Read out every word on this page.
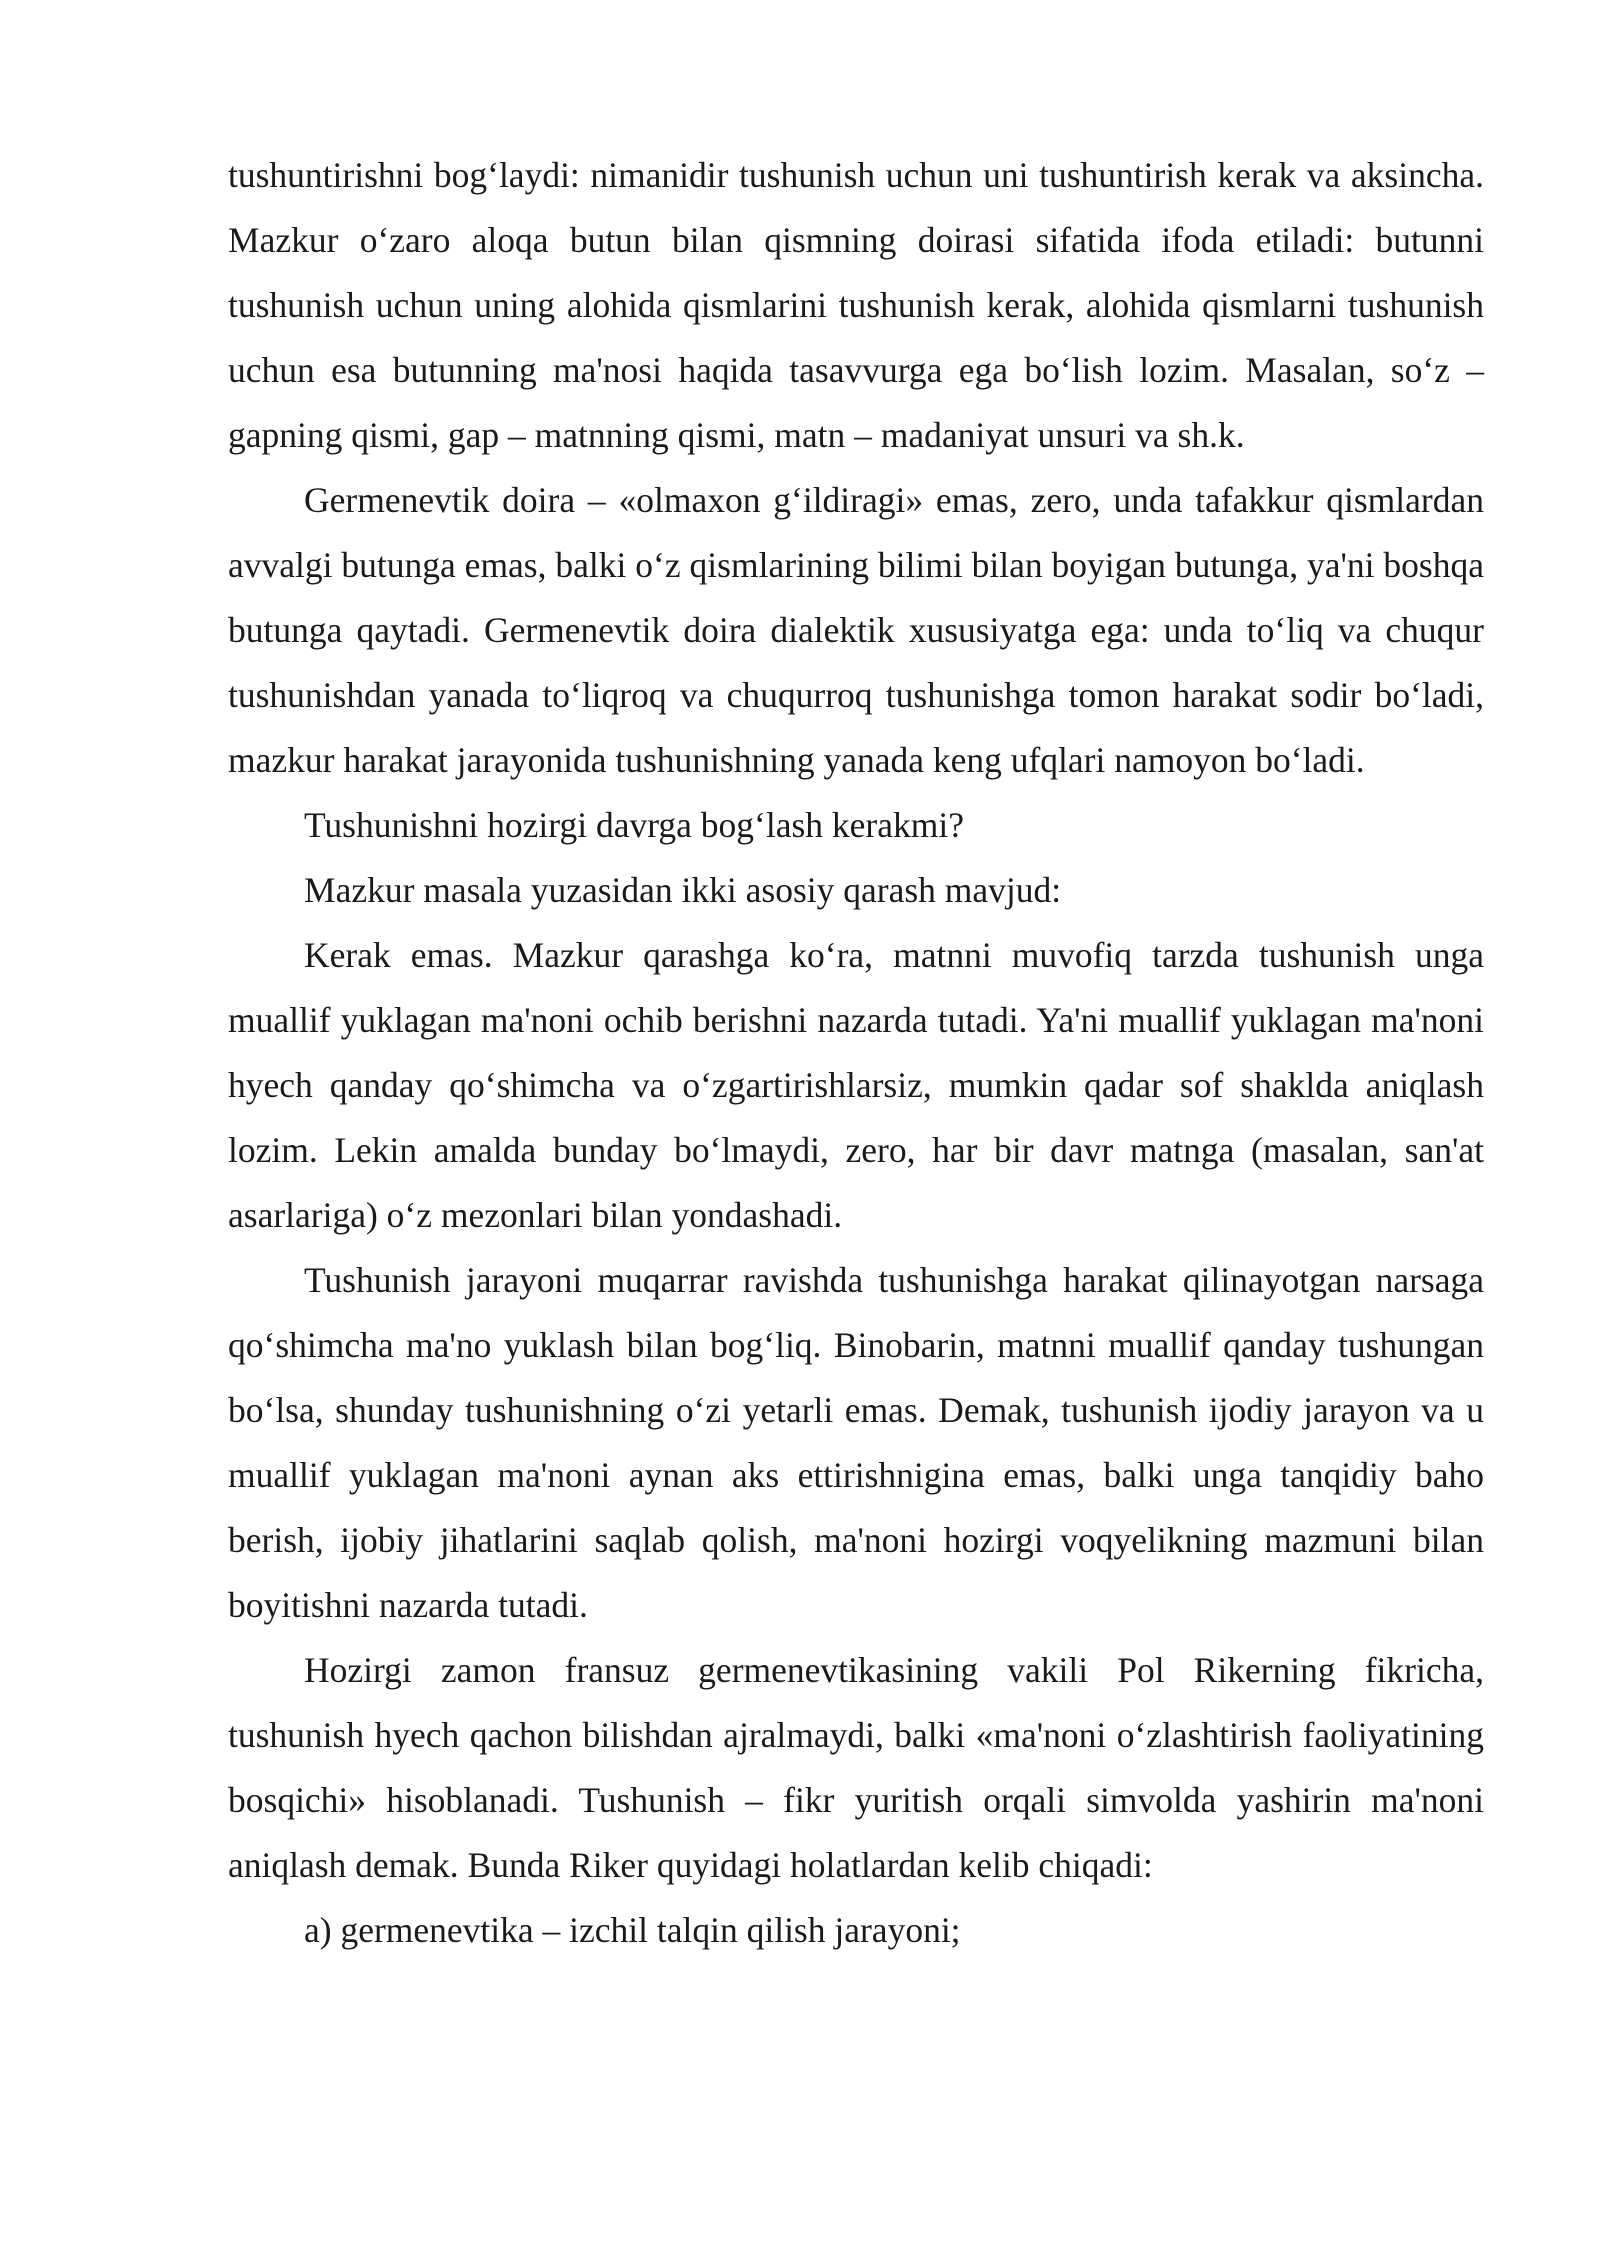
tushuntirishni bog‘laydi: nimanidir tushunish uchun uni tushuntirish kerak va aksincha. Mazkur o‘zaro aloqa butun bilan qismning doirasi sifatida ifoda etiladi: butunni tushunish uchun uning alohida qismlarini tushunish kerak, alohida qismlarni tushunish uchun esa butunning ma'nosi haqida tasavvurga ega bo‘lish lozim. Masalan, so‘z – gapning qismi, gap – matnning qismi, matn – madaniyat unsuri va sh.k.

Germenevtik doira – «olmaxon g‘ildiragi» emas, zero, unda tafakkur qismlardan avvalgi butunga emas, balki o‘z qismlarining bilimi bilan boyigan butunga, ya'ni boshqa butunga qaytadi. Germenevtik doira dialektik xususiyatga ega: unda to‘liq va chuqur tushunishdan yanada to‘liqroq va chuqurroq tushunishga tomon harakat sodir bo‘ladi, mazkur harakat jarayonida tushunishning yanada keng ufqlari namoyon bo‘ladi.

Tushunishni hozirgi davrga bog‘lash kerakmi?

Mazkur masala yuzasidan ikki asosiy qarash mavjud:

Kerak emas. Mazkur qarashga ko‘ra, matnni muvofiq tarzda tushunish unga muallif yuklagan ma'noni ochib berishni nazarda tutadi. Ya'ni muallif yuklagan ma'noni hyech qanday qo‘shimcha va o‘zgartirishlarsiz, mumkin qadar sof shaklda aniqlash lozim. Lekin amalda bunday bo‘lmaydi, zero, har bir davr matnga (masalan, san'at asarlariga) o‘z mezonlari bilan yondashadi.

Tushunish jarayoni muqarrar ravishda tushunishga harakat qilinayotgan narsaga qo‘shimcha ma'no yuklash bilan bog‘liq. Binobarin, matnni muallif qanday tushungan bo‘lsa, shunday tushunishning o‘zi yetarli emas. Demak, tushunish ijodiy jarayon va u muallif yuklagan ma'noni aynan aks ettirishnigina emas, balki unga tanqidiy baho berish, ijobiy jihatlarini saqlab qolish, ma'noni hozirgi voqyelikning mazmuni bilan boyitishni nazarda tutadi.

Hozirgi zamon fransuz germenevtikasining vakili Pol Rikerning fikricha, tushunish hyech qachon bilishdan ajralmaydi, balki «ma'noni o‘zlashtirish faoliyatining bosqichi» hisoblanadi. Tushunish – fikr yuritish orqali simvolda yashirin ma'noni aniqlash demak. Bunda Riker quyidagi holatlardan kelib chiqadi:

a) germenevtika – izchil talqin qilish jarayoni;
